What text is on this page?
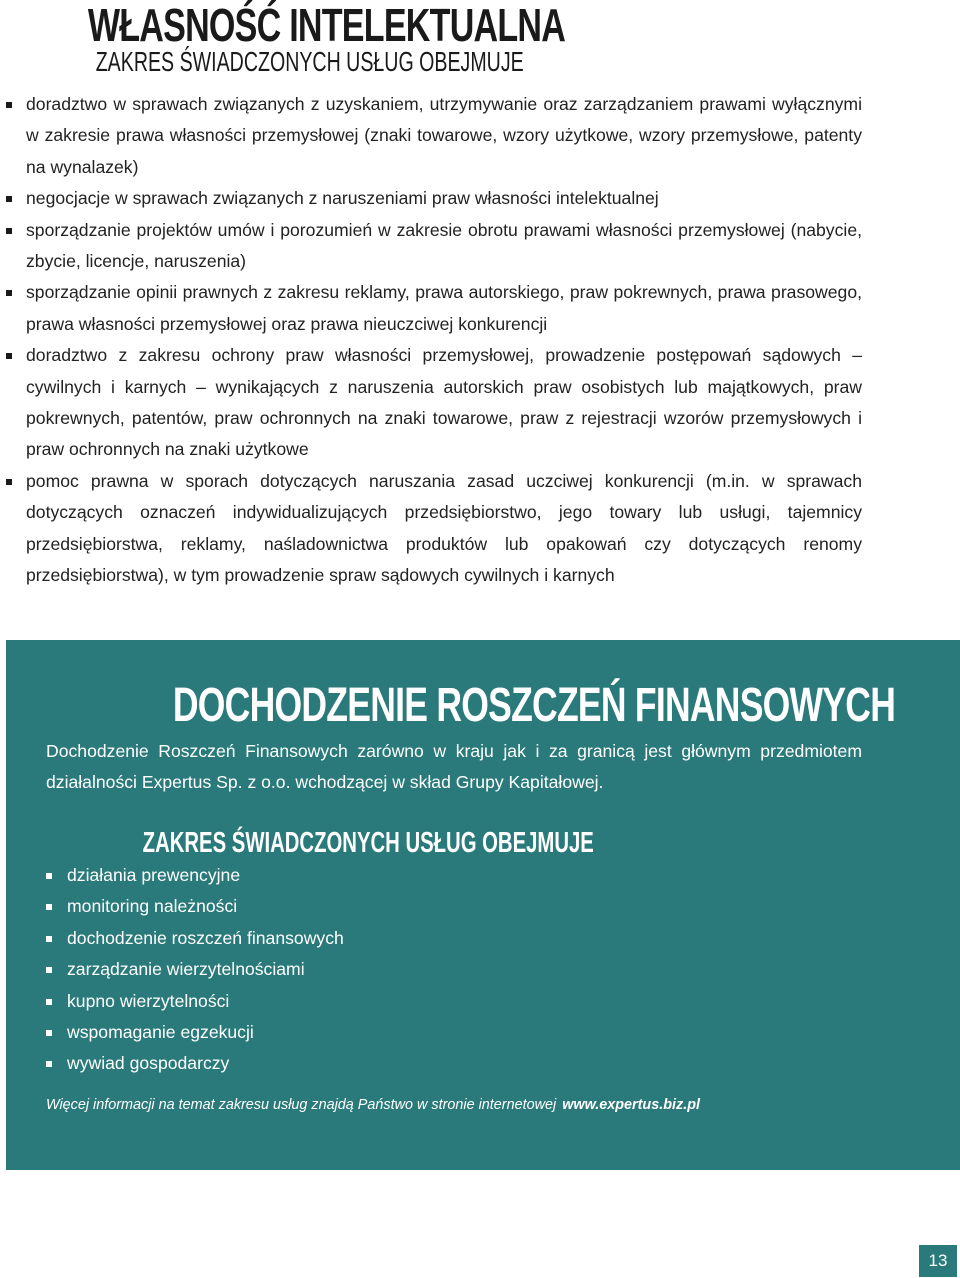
WŁASNOŚĆ INTELEKTUALNA
ZAKRES ŚWIADCZONYCH USŁUG OBEJMUJE
doradztwo w sprawach związanych z uzyskaniem, utrzymywanie oraz zarządzaniem prawami wyłącznymi w zakresie prawa własności przemysłowej (znaki towarowe, wzory użytkowe, wzory przemysłowe, patenty na wynalazek)
negocjacje w sprawach związanych z naruszeniami praw własności intelektualnej
sporządzanie projektów umów i porozumień w zakresie obrotu prawami własności przemysłowej (nabycie, zbycie, licencje, naruszenia)
sporządzanie opinii prawnych z zakresu reklamy, prawa autorskiego, praw pokrewnych, prawa prasowego, prawa własności przemysłowej oraz prawa nieuczciwej konkurencji
doradztwo z zakresu ochrony praw własności przemysłowej, prowadzenie postępowań sądowych – cywilnych i karnych – wynikających z naruszenia autorskich praw osobistych lub majątkowych, praw pokrewnych, patentów, praw ochronnych na znaki towarowe, praw z rejestracji wzorów przemysłowych i praw ochronnych na znaki użytkowe
pomoc prawna w sporach dotyczących naruszania zasad uczciwej konkurencji (m.in. w sprawach dotyczących oznaczeń indywidualizujących przedsiębiorstwo, jego towary lub usługi, tajemnicy przedsiębiorstwa, reklamy, naśladownictwa produktów lub opakowań czy dotyczących renomy przedsiębiorstwa), w tym prowadzenie spraw sądowych cywilnych i karnych
DOCHODZENIE ROSZCZEŃ FINANSOWYCH

Dochodzenie Roszczeń Finansowych zarówno w kraju jak i za granicą jest głównym przedmiotem działalności Expertus Sp. z o.o. wchodzącej w skład Grupy Kapitałowej.

ZAKRES ŚWIADCZONYCH USŁUG OBEJMUJE
działania prewencyjne
monitoring należności
dochodzenie roszczeń finansowych
zarządzanie wierzytelnościami
kupno wierzytelności
wspomaganie egzekucji
wywiad gospodarczy

Więcej informacji na temat zakresu usług znajdą Państwo w stronie internetowej www.expertus.biz.pl

13
